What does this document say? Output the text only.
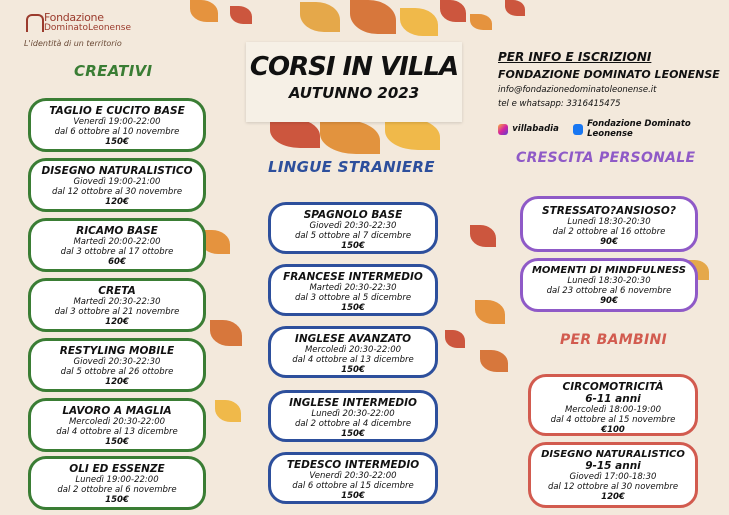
Fondazione
DominatoLeonense
L'identità di un territorio
CORSI IN VILLA
AUTUNNO 2023
PER INFO E ISCRIZIONI
FONDAZIONE DOMINATO LEONENSE
info@fondazionedominatoleonense.it
tel e whatsapp: 3316415475
villabadia	Fondazione Dominato Leonense
CREATIVI
LINGUE STRANIERE	CRESCITA PERSONALE
PER BAMBINI
TAGLIO E CUCITO BASE
Venerdì 19:00-22:00
dal 6 ottobre al 10 novembre
150€
DISEGNO NATURALISTICO
Giovedì 19:00-21:00
dal 12 ottobre al 30 novembre
120€
RICAMO BASE
Martedì 20:00-22:00
dal 3 ottobre al 17 ottobre
60€
CRETA
Martedì 20:30-22:30
dal 3 ottobre al 21 novembre
120€
RESTYLING MOBILE
Giovedì 20:30-22:30
dal 5 ottobre al 26 ottobre
120€
LAVORO A MAGLIA
Mercoledì 20:30-22:00
dal 4 ottobre al 13 dicembre
150€
OLI ED ESSENZE
Lunedì 19:00-22:00
dal 2 ottobre al 6 novembre
150€
SPAGNOLO BASE
Giovedì 20:30-22:30
dal 5 ottobre al 7 dicembre
150€
FRANCESE INTERMEDIO
Martedì 20:30-22:30
dal 3 ottobre al 5 dicembre
150€
INGLESE AVANZATO
Mercoledì 20:30-22:00
dal 4 ottobre al 13 dicembre
150€
INGLESE INTERMEDIO
Lunedì 20:30-22:00
dal 2 ottobre al 4 dicembre
150€
TEDESCO INTERMEDIO
Venerdì 20:30-22:00
dal 6 ottobre al 15 dicembre
150€
STRESSATO?ANSIOSO?
Lunedì 18:30-20:30
dal 2 ottobre al 16 ottobre
90€
MOMENTI DI MINDFULNESS
Lunedì 18:30-20:30
dal 23 ottobre al 6 novembre
90€
CIRCOMOTRICITÀ
6-11 anni
Mercoledì 18:00-19:00
dal 4 ottobre al 15 novembre
€100
DISEGNO NATURALISTICO
9-15 anni
Giovedì 17:00-18:30
dal 12 ottobre al 30 novembre
120€
